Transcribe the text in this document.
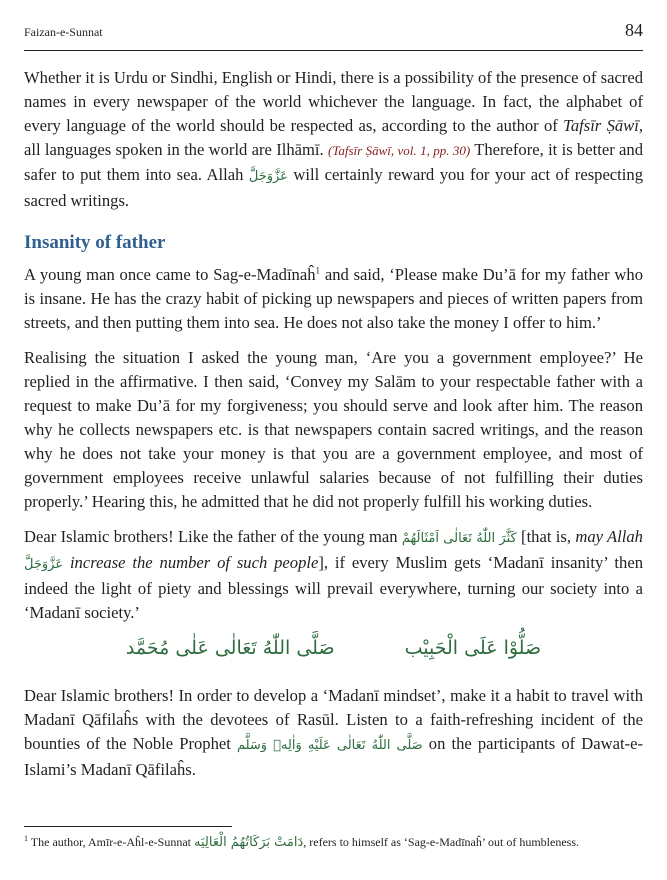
Faizan-e-Sunnat	84

Whether it is Urdu or Sindhi, English or Hindi, there is a possibility of the presence of sacred names in every newspaper of the world whichever the language. In fact, the alphabet of every language of the world should be respected as, according to the author of Tafsīr Ṣāwī, all languages spoken in the world are Ilhāmī. (Tafsīr Ṣāwī, vol. 1, pp. 30) Therefore, it is better and safer to put them into sea. Allah عَزَّوَجَلَّ will certainly reward you for your act of respecting sacred writings.

Insanity of father

A young man once came to Sag-e-Madīnaĥ$^1$ and said, ‘Please make Du’ā for my father who is insane. He has the crazy habit of picking up newspapers and pieces of written papers from streets, and then putting them into sea. He does not also take the money I offer to him.’

Realising the situation I asked the young man, ‘Are you a government employee?’ He replied in the affirmative. I then said, ‘Convey my Salām to your respectable father with a request to make Du’ā for my forgiveness; you should serve and look after him. The reason why he collects newspapers etc. is that newspapers contain sacred writings, and the reason why he does not take your money is that you are a government employee, and most of government employees receive unlawful salaries because of not fulfilling their duties properly.’ Hearing this, he admitted that he did not properly fulfill his working duties.

Dear Islamic brothers! Like the father of the young man كَثَّرَ اللّٰهُ تَعَالٰى اَمْثَالَهُمْ [that is, may Allah عَزَّوَجَلَّ increase the number of such people], if every Muslim gets ‘Madanī insanity’ then indeed the light of piety and blessings will prevail everywhere, turning our society into a ‘Madanī society.’

صَلُّوْا عَلَى الْحَبِيْب
صَلَّى اللّٰهُ تَعَالٰى عَلٰى مُحَمَّد

Dear Islamic brothers! In order to develop a ‘Madanī mindset’, make it a habit to travel with Madanī Qāfilaĥs with the devotees of Rasūl. Listen to a faith-refreshing incident of the bounties of the Noble Prophet صَلَّى اللّٰهُ تَعَالٰى عَلَيْهِ وَاٰلِهٖ وَسَلَّم on the participants of Dawat-e-Islami’s Madanī Qāfilaĥs.

$^1$ The author, Amīr-e-Aĥl-e-Sunnat دَامَتْ بَرَكَاتُهُمُ الْعَالِيَه, refers to himself as ‘Sag-e-Madīnaĥ’ out of humbleness.
